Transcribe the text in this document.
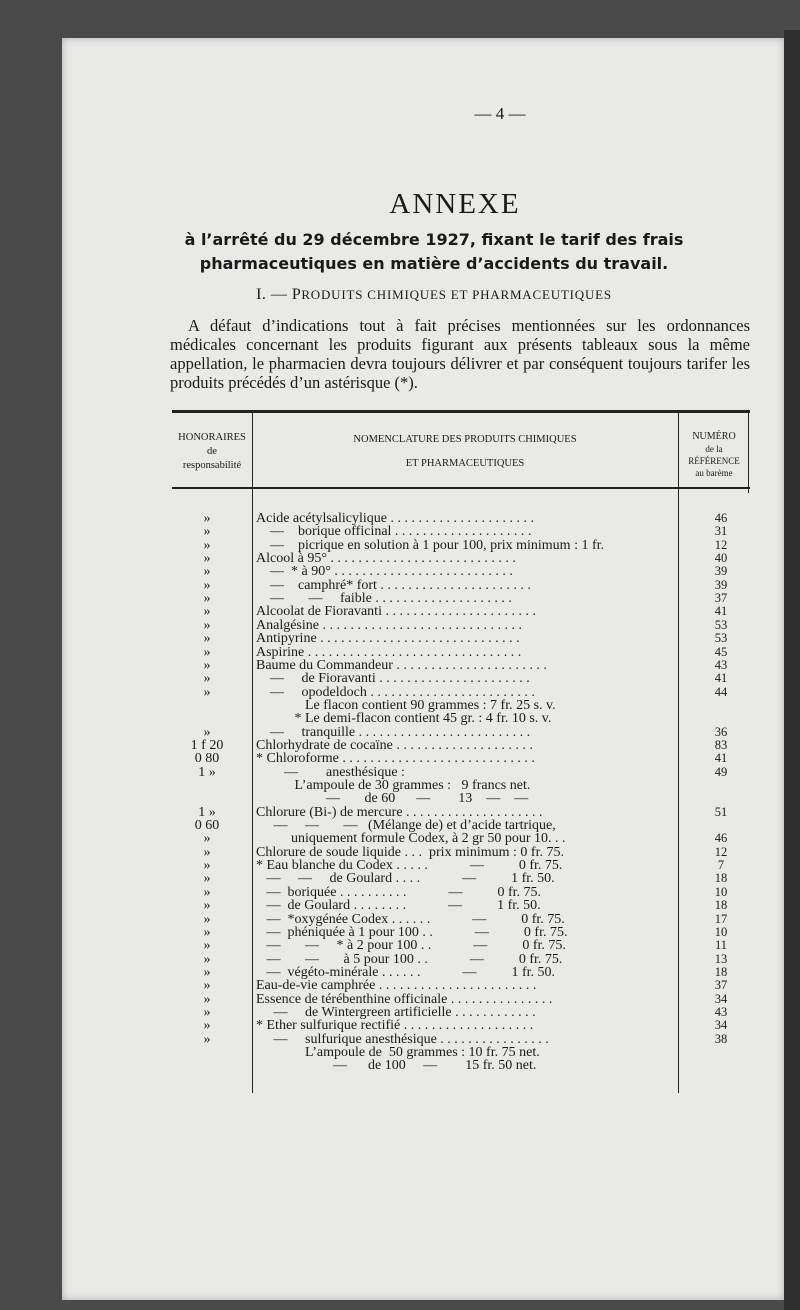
— 4 —
ANNEXE
à l’arrêté du 29 décembre 1927, fixant le tarif des frais
pharmaceutiques en matière d’accidents du travail.
I. — PRODUITS CHIMIQUES ET PHARMACEUTIQUES
A défaut d’indications tout à fait précises mentionnées sur les ordonnances médicales concernant les produits figurant aux présents tableaux sous la même appellation, le pharmacien devra toujours délivrer et par conséquent toujours tarifer les produits précédés d’un astérisque (*).
HONORAIRES
de
responsabilité
NOMENCLATURE DES PRODUITS CHIMIQUES
ET PHARMACEUTIQUES
NUMÉRO
de la
RÉFÉRENCE
au barème
»	Acide acétylsalicylique . . . . . . . . . . . . . . . . . . . . .	46
»	—    borique officinal . . . . . . . . . . . . . . . . . . . .	31
»	—    picrique en solution à 1 pour 100, prix minimum : 1 fr.	12
»	Alcool à 95° . . . . . . . . . . . . . . . . . . . . . . . . . . .	40
»	—  * à 90° . . . . . . . . . . . . . . . . . . . . . . . . . .	39
»	—    camphré* fort . . . . . . . . . . . . . . . . . . . . . .	39
»	—       —     faible . . . . . . . . . . . . . . . . . . . .	37
»	Alcoolat de Fioravanti . . . . . . . . . . . . . . . . . . . . . .	41
»	Analgésine . . . . . . . . . . . . . . . . . . . . . . . . . . . . .	53
»	Antipyrine . . . . . . . . . . . . . . . . . . . . . . . . . . . . .	53
»	Aspirine . . . . . . . . . . . . . . . . . . . . . . . . . . . . . . .	45
»	Baume du Commandeur . . . . . . . . . . . . . . . . . . . . . .	43
»	—     de Fioravanti . . . . . . . . . . . . . . . . . . . . . .	41
»	—     opodeldoch . . . . . . . . . . . . . . . . . . . . . . . .	44
Le flacon contient 90 grammes : 7 fr. 25 s. v.
* Le demi-flacon contient 45 gr. : 4 fr. 10 s. v.
»	—     tranquille . . . . . . . . . . . . . . . . . . . . . . . . .	36
1 f 20	Chlorhydrate de cocaïne . . . . . . . . . . . . . . . . . . . .	83
0 80	* Chloroforme . . . . . . . . . . . . . . . . . . . . . . . . . . . .	41
1 »	—        anesthésique :	49
L’ampoule de 30 grammes :   9 francs net.
—       de 60      —        13    —    —
1 »	Chlorure (Bi-) de mercure . . . . . . . . . . . . . . . . . . . .	51
0 60	—     —       —   (Mélange de) et d’acide tartrique,
»	uniquement formule Codex, à 2 gr 50 pour 10. . .	46
»	Chlorure de soude liquide . . .  prix minimum : 0 fr. 75.	12
»	* Eau blanche du Codex . . . . .            —          0 fr. 75.	7
»	—     —     de Goulard . . . .            —          1 fr. 50.	18
»	—  boriquée . . . . . . . . . .            —          0 fr. 75.	10
»	—  de Goulard . . . . . . . .            —          1 fr. 50.	18
»	—  *oxygénée Codex . . . . . .            —          0 fr. 75.	17
»	—  phéniquée à 1 pour 100 . .            —          0 fr. 75.	10
»	—       —     * à 2 pour 100 . .            —          0 fr. 75.	11
»	—       —       à 5 pour 100 . .            —          0 fr. 75.	13
»	—  végéto-minérale . . . . . .            —          1 fr. 50.	18
»	Eau-de-vie camphrée . . . . . . . . . . . . . . . . . . . . . . .	37
»	Essence de térébenthine officinale . . . . . . . . . . . . . . .	34
»	—     de Wintergreen artificielle . . . . . . . . . . . .	43
»	* Ether sulfurique rectifié . . . . . . . . . . . . . . . . . . .	34
»	—     sulfurique anesthésique . . . . . . . . . . . . . . . .	38
L’ampoule de  50 grammes : 10 fr. 75 net.
—      de 100     —        15 fr. 50 net.
